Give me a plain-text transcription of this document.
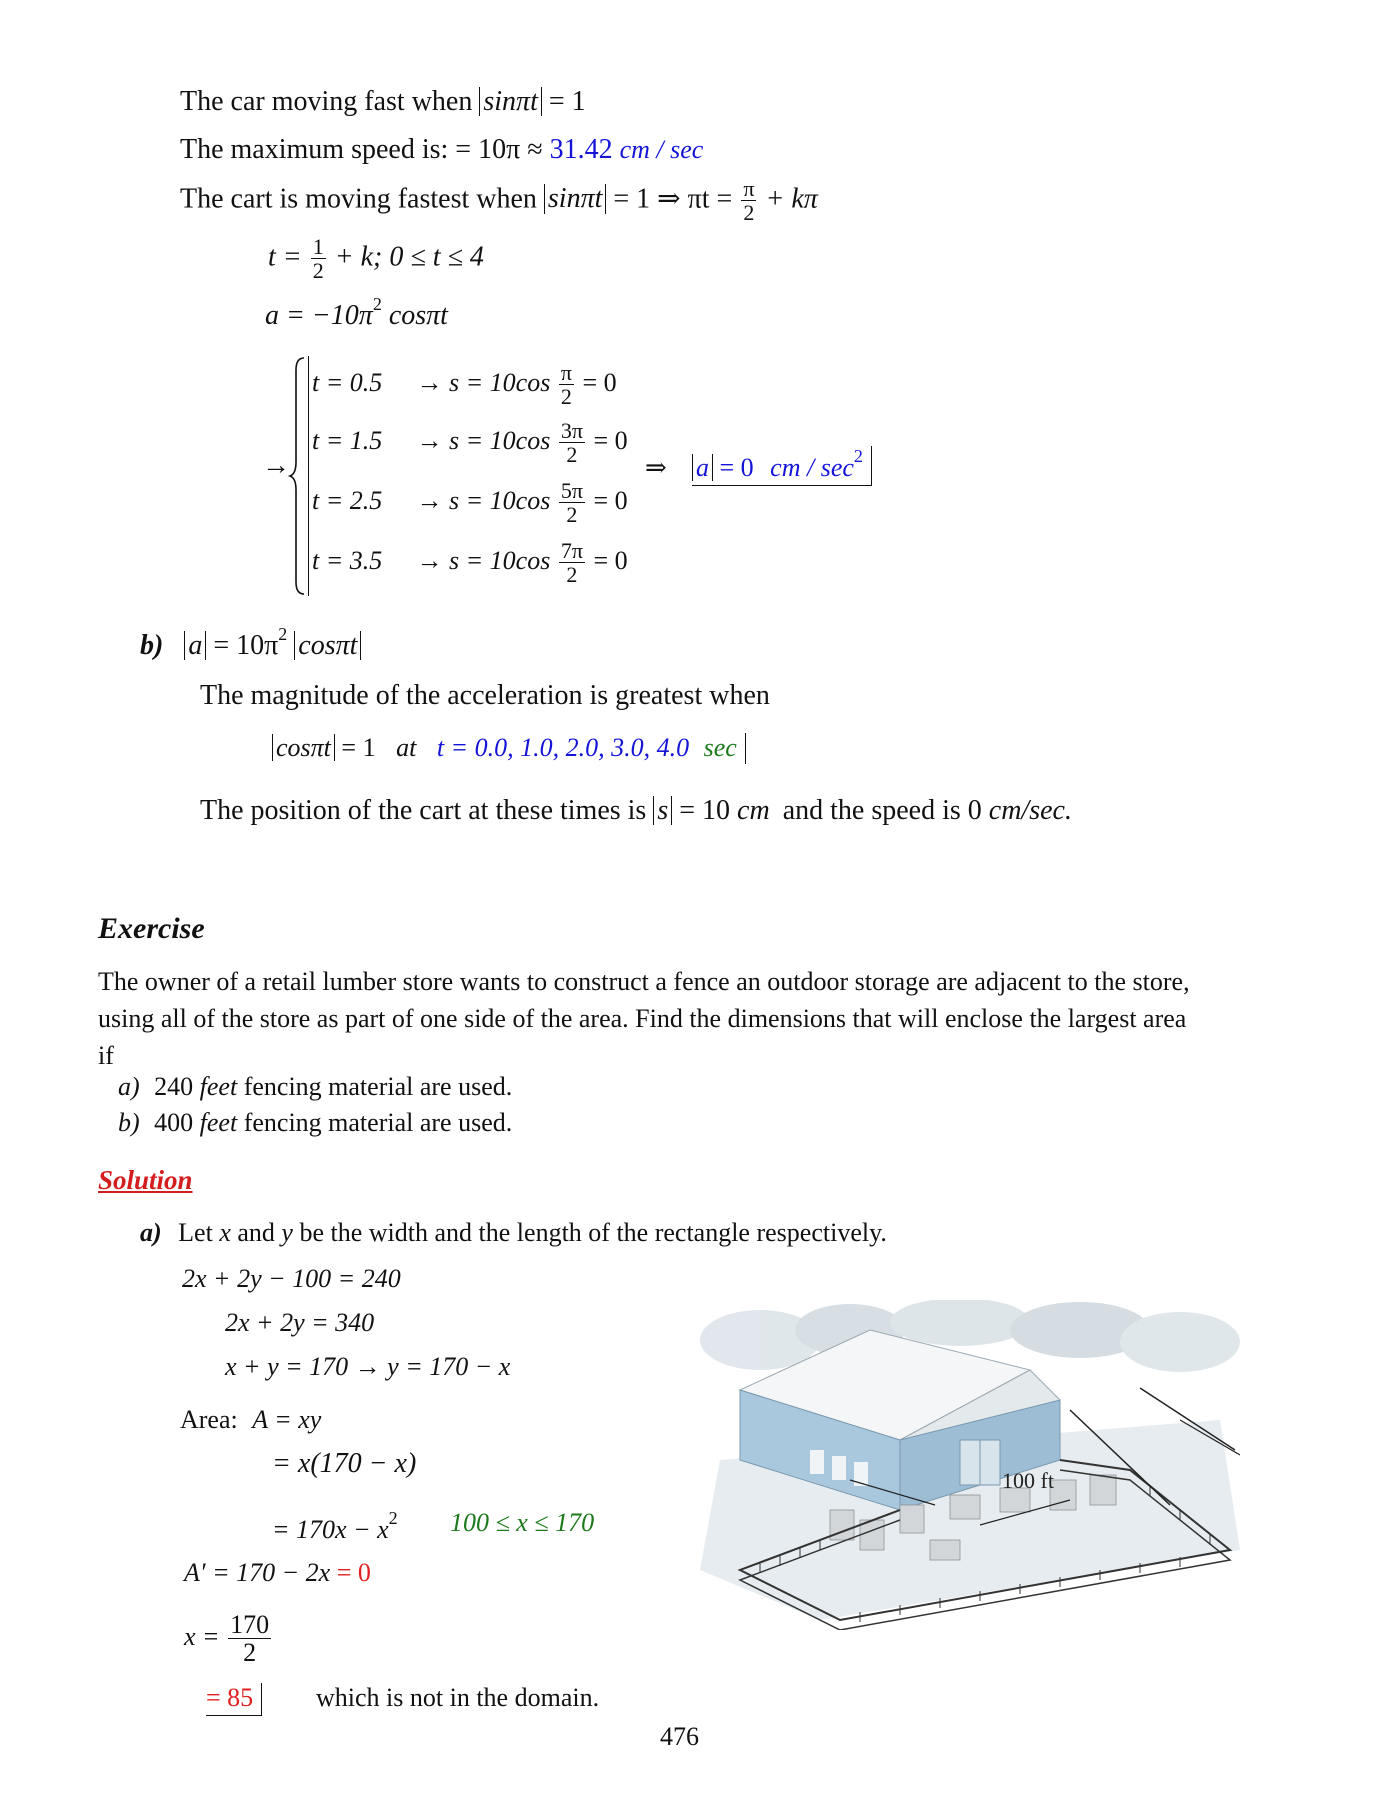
The car moving fast when sinπt = 1
The maximum speed is: = 10π ≈ 31.42 cm / sec
The cart is moving fastest when sinπt = 1 ⇒ $\pi t = \frac{\pi}{2} + k\pi$
$t = \frac{1}{2} + k$; 0 ≤ t ≤ 4
$a = -10\pi^2$ cosπt
→
$t = 0.5 \to s = 10\cos \frac{\pi}{2} = 0$
$t = 1.5 \to s = 10\cos \frac{3\pi}{2} = 0$
$t = 2.5 \to s = 10\cos \frac{5\pi}{2} = 0$
$t = 3.5 \to s = 10\cos \frac{7\pi}{2} = 0$
⇒ a = 0 cm / $\sec^2$
b) $a = 10\pi^2$ cosπt
The magnitude of the acceleration is greatest when
cosπt = 1 at t = 0.0, 1.0, 2.0, 3.0, 4.0 sec
The position of the cart at these times is s = 10 cm and the speed is 0 cm/sec.
Exercise
The owner of a retail lumber store wants to construct a fence an outdoor storage are adjacent to the store,
using all of the store as part of one side of the area. Find the dimensions that will enclose the largest area
if
a) 240 feet fencing material are used.
b) 400 feet fencing material are used.
Solution
a) Let x and y be the width and the length of the rectangle respectively.
2x + 2y − 100 = 240
2x + 2y = 340
x + y = 170 → y = 170 − x
Area: A = xy
= x(170 − x)
= $170x - x^2$ 100 ≤ x ≤ 170
A′ = 170 − 2x = 0
$x = \frac{170}{2}$
= 85	which is not in the domain.
100 ft
476
